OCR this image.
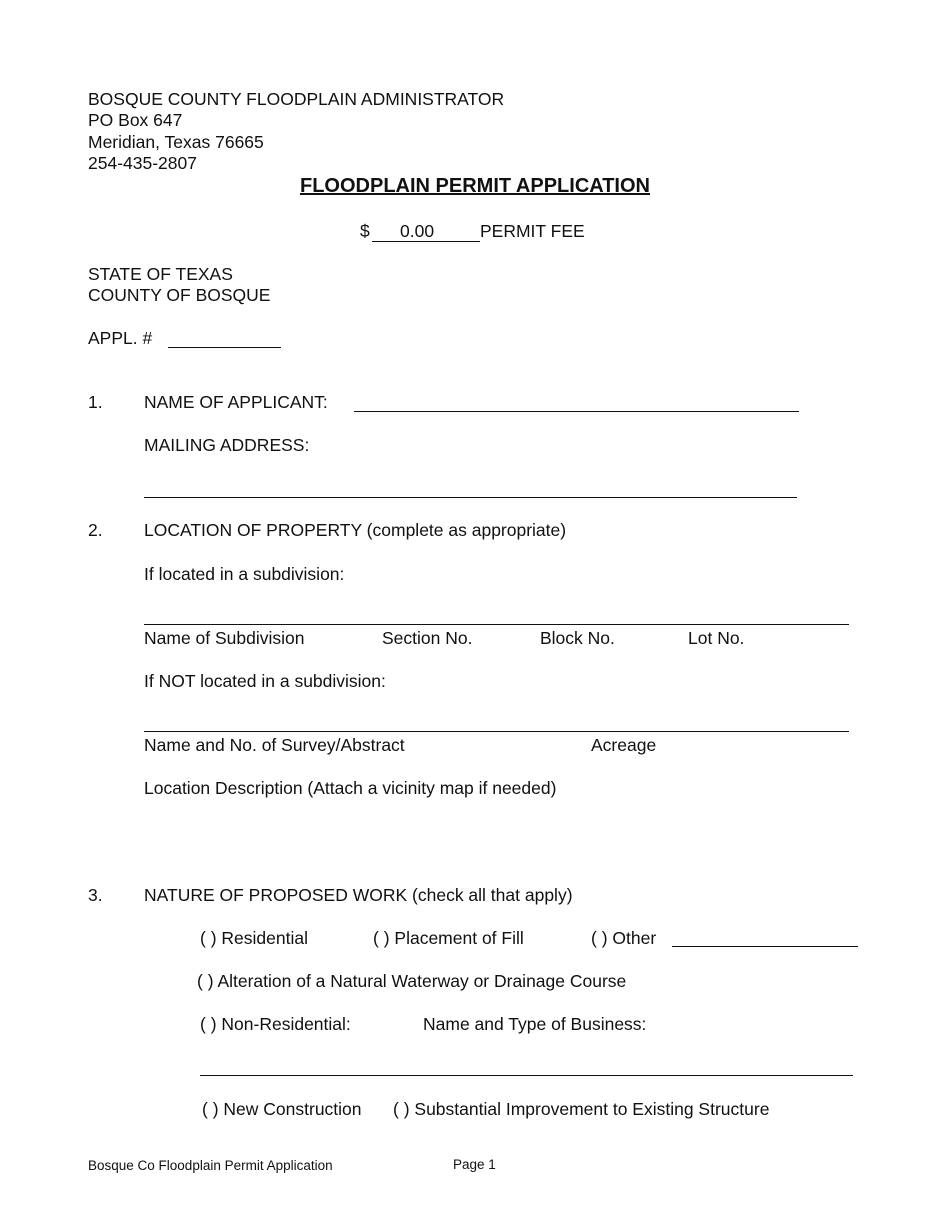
BOSQUE COUNTY FLOODPLAIN ADMINISTRATOR
PO Box 647
Meridian, Texas 76665
254-435-2807
FLOODPLAIN PERMIT APPLICATION
$ 0.00	PERMIT FEE
STATE OF TEXAS
COUNTY OF BOSQUE
APPL. #
1. NAME OF APPLICANT:
MAILING ADDRESS:
2. LOCATION OF PROPERTY (complete as appropriate)
If located in a subdivision:
Name of Subdivision	Section No.	Block No.	Lot No.
If NOT located in a subdivision:
Name and No. of Survey/Abstract	Acreage
Location Description (Attach a vicinity map if needed)
3. NATURE OF PROPOSED WORK (check all that apply)
( ) Residential	( ) Placement of Fill	( ) Other
( ) Alteration of a Natural Waterway or Drainage Course
( ) Non-Residential:	Name and Type of Business:
( ) New Construction ( ) Substantial Improvement to Existing Structure
Bosque Co Floodplain Permit Application	Page 1
